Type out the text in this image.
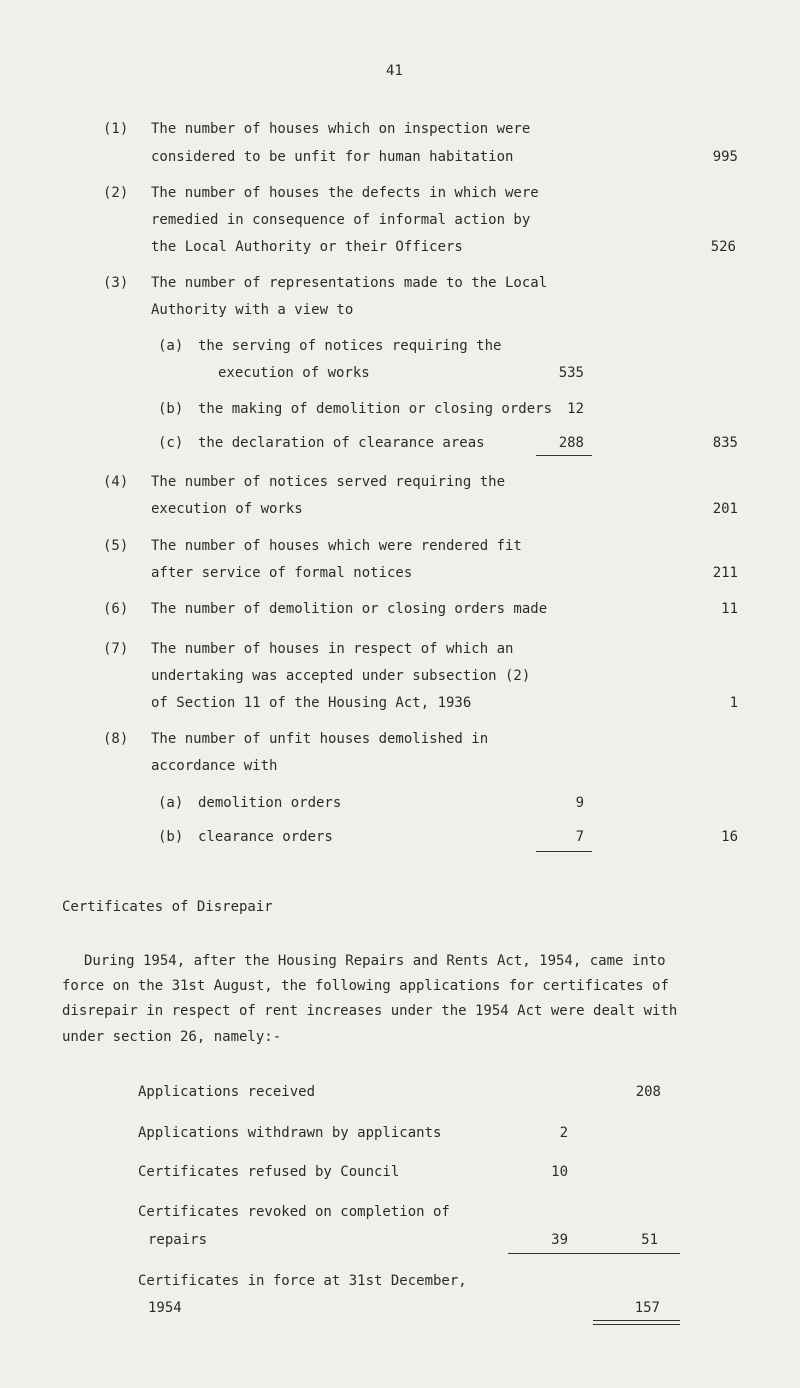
41
(1) The number of houses which on inspection were
considered to be unfit for human habitation	995
(2) The number of houses the defects in which were
remedied in consequence of informal action by
the Local Authority or their Officers	526
(3) The number of representations made to the Local
Authority with a view to
(a) the serving of notices requiring the
execution of works	535
(b) the making of demolition or closing orders 12
(c) the declaration of clearance areas	288	835
(4) The number of notices served requiring the
execution of works	201
(5) The number of houses which were rendered fit
after service of formal notices	211
(6) The number of demolition or closing orders made	11
(7) The number of houses in respect of which an
undertaking was accepted under subsection (2)
of Section 11 of the Housing Act, 1936	1
(8) The number of unfit houses demolished in
accordance with
(a) demolition orders	9
(b) clearance orders	7	16
Certificates of Disrepair
During 1954, after the Housing Repairs and Rents Act, 1954, came into
force on the 31st August, the following applications for certificates of
disrepair in respect of rent increases under the 1954 Act were dealt with
under section 26, namely:-
Applications received	208
Applications withdrawn by applicants	2
Certificates refused by Council	10
Certificates revoked on completion of
repairs	39	51
Certificates in force at 31st December,
1954	157
